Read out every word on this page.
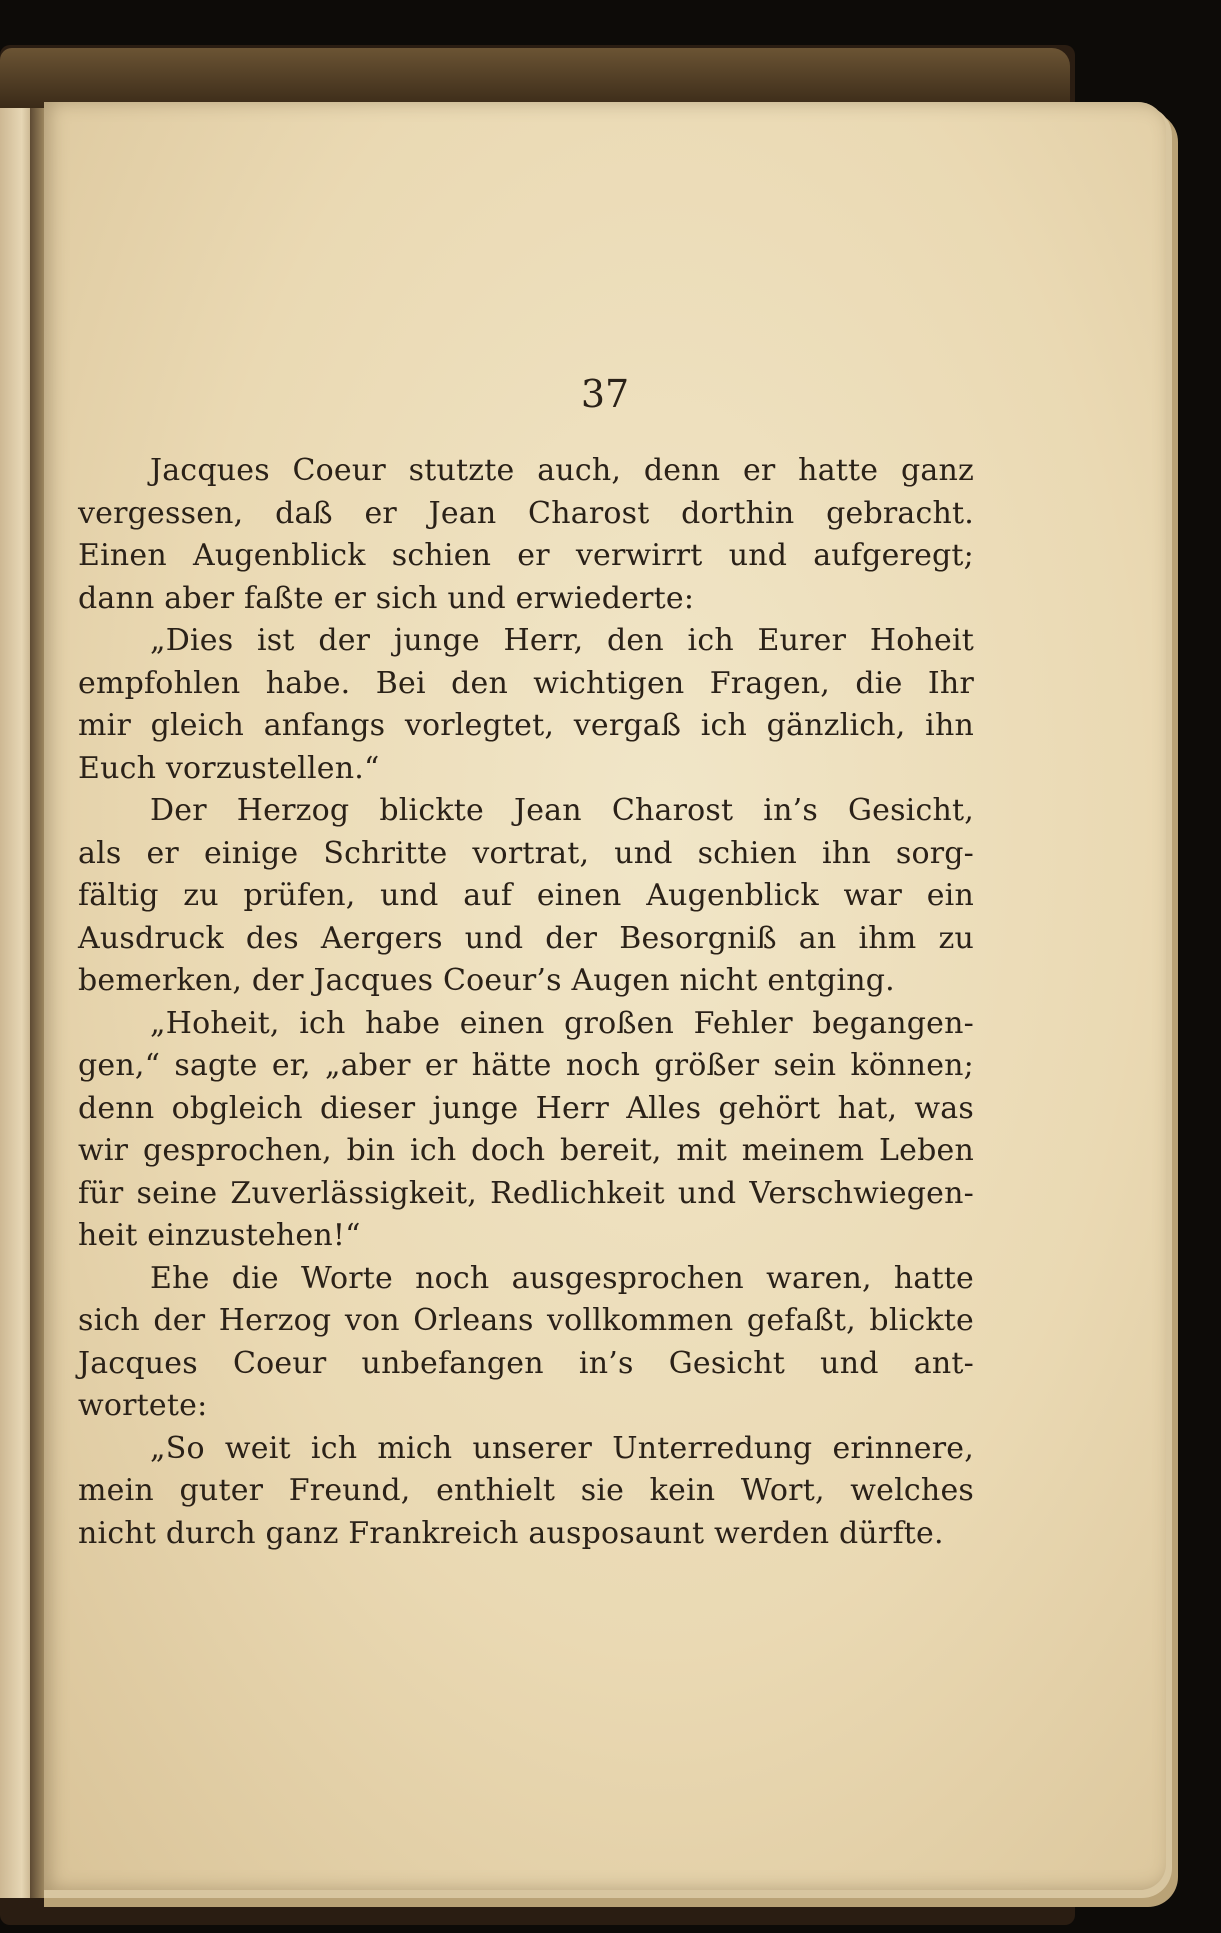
37
Jacques Coeur stutzte auch, denn er hatte ganz
vergessen, daß er Jean Charost dorthin gebracht.
Einen Augenblick schien er verwirrt und aufgeregt;
dann aber faßte er sich und erwiederte:
„Dies ist der junge Herr, den ich Eurer Hoheit
empfohlen habe. Bei den wichtigen Fragen, die Ihr
mir gleich anfangs vorlegtet, vergaß ich gänzlich, ihn
Euch vorzustellen.“
Der Herzog blickte Jean Charost in’s Gesicht,
als er einige Schritte vortrat, und schien ihn sorg-
fältig zu prüfen, und auf einen Augenblick war ein
Ausdruck des Aergers und der Besorgniß an ihm zu
bemerken, der Jacques Coeur’s Augen nicht entging.
„Hoheit, ich habe einen großen Fehler begangen-
gen,“ sagte er, „aber er hätte noch größer sein können;
denn obgleich dieser junge Herr Alles gehört hat, was
wir gesprochen, bin ich doch bereit, mit meinem Leben
für seine Zuverlässigkeit, Redlichkeit und Verschwiegen-
heit einzustehen!“
Ehe die Worte noch ausgesprochen waren, hatte
sich der Herzog von Orleans vollkommen gefaßt, blickte
Jacques Coeur unbefangen in’s Gesicht und ant-
wortete:
„So weit ich mich unserer Unterredung erinnere,
mein guter Freund, enthielt sie kein Wort, welches
nicht durch ganz Frankreich ausposaunt werden dürfte.
